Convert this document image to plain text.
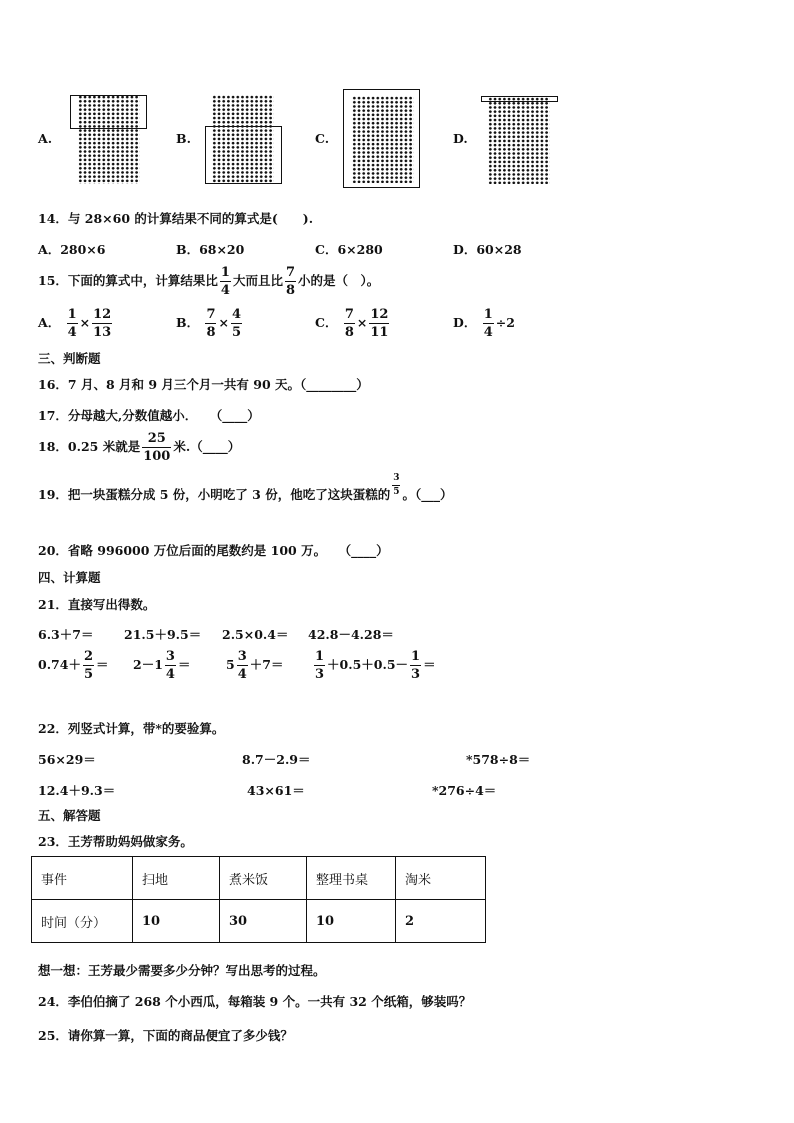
A.	B.	C.	D.
14．与 28×60 的计算结果不同的算式是(　　).
A．280×6	B．68×20	C．6×280	D．60×28
15．下面的算式中，计算结果比 $\frac{1}{4}$ 大而且比 $\frac{7}{8}$ 小的是（　）。
A． $\frac{1}{4} \times \frac{12}{13}$	B． $\frac{7}{8} \times \frac{4}{5}$	C． $\frac{7}{8} \times \frac{12}{11}$	D． $\frac{1}{4} \div 2$
三、判断题
16．7 月、8 月和 9 月三个月一共有 90 天。（________）
17．分母越大,分数值越小．　　（____）
18．0.25 米就是 $\frac{25}{100}$ 米.（____）
19．把一块蛋糕分成 5 份，小明吃了 3 份，他吃了这块蛋糕的 $\frac{3}{5}$ 。（___）
20．省略 996000 万位后面的尾数约是 100 万。　　（____）
四、计算题
21．直接写出得数。
6.3＋7＝ 21.5＋9.5＝ 2.5×0.4＝ 42.8－4.28＝
$0.74+ \frac{2}{5} = 2-1 \frac{3}{4}$ ＝	$5 \frac{3}{4} +7= \frac{1}{3} +0.5+0.5- \frac{1}{3}$ ＝
22．列竖式计算，带*的要验算。
56×29＝	8.7－2.9＝	*578÷8＝
12.4＋9.3＝	43×61＝	*276÷4＝
五、解答题
23．王芳帮助妈妈做家务。
事件	扫地	煮米饭	整理书桌	淘米
时间（分）	10	30	10	2
想一想：王芳最少需要多少分钟？写出思考的过程。
24．李伯伯摘了 268 个小西瓜，每箱装 9 个。一共有 32 个纸箱，够装吗？
25．请你算一算，下面的商品便宜了多少钱？
